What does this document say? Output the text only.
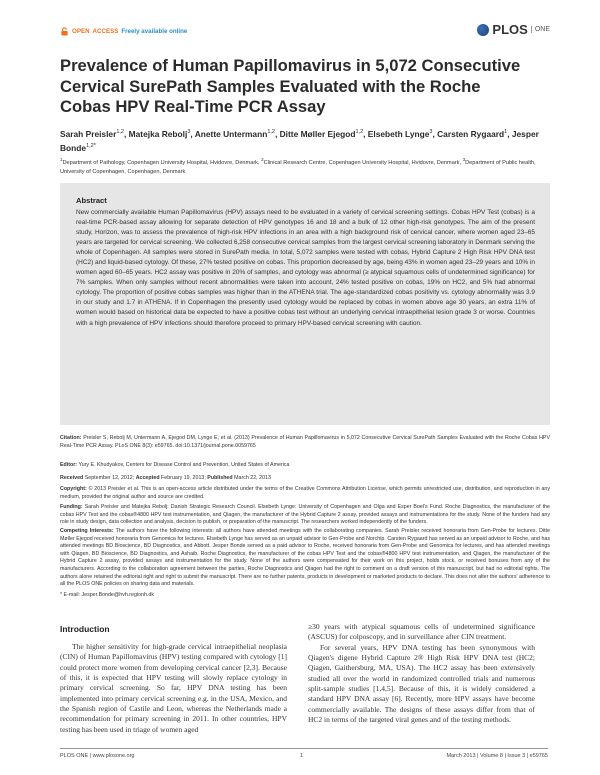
OPEN ACCESS Freely available online	PLOS	ONE
Prevalence of Human Papillomavirus in 5,072 Consecutive Cervical SurePath Samples Evaluated with the Roche Cobas HPV Real-Time PCR Assay
Sarah Preisler$^{1,2}$, Matejka Rebolj$^3$, Anette Untermann$^{1,2}$, Ditte Møller Ejegod$^{1,2}$, Elsebeth Lynge$^3$, Carsten Rygaard$^1$, Jesper Bonde$^{1,2*}$
$^1$Department of Pathology, Copenhagen University Hospital, Hvidovre, Denmark, $^2$Clinical Research Centre, Copenhagen University Hospital, Hvidovre, Denmark, $^3$Department of Public health, University of Copenhagen, Copenhagen, Denmark
Abstract

New commercially available Human Papillomavirus (HPV) assays need to be evaluated in a variety of cervical screening settings. Cobas HPV Test (cobas) is a real-time PCR-based assay allowing for separate detection of HPV genotypes 16 and 18 and a bulk of 12 other high-risk genotypes. The aim of the present study, Horizon, was to assess the prevalence of high-risk HPV infections in an area with a high background risk of cervical cancer, where women aged 23–65 years are targeted for cervical screening. We collected 6,258 consecutive cervical samples from the largest cervical screening laboratory in Denmark serving the whole of Copenhagen. All samples were stored in SurePath media. In total, 5,072 samples were tested with cobas, Hybrid Capture 2 High Risk HPV DNA test (HC2) and liquid-based cytology. Of these, 27% tested positive on cobas. This proportion decreased by age, being 43% in women aged 23–29 years and 10% in women aged 60–65 years. HC2 assay was positive in 20% of samples, and cytology was abnormal (≥ atypical squamous cells of undetermined significance) for 7% samples. When only samples without recent abnormalities were taken into account, 24% tested positive on cobas, 19% on HC2, and 5% had abnormal cytology. The proportion of positive cobas samples was higher than in the ATHENA trial. The age-standardized cobas positivity vs. cytology abnormality was 3.9 in our study and 1.7 in ATHENA. If in Copenhagen the presently used cytology would be replaced by cobas in women above age 30 years, an extra 11% of women would based on historical data be expected to have a positive cobas test without an underlying cervical intraepithelial lesion grade 3 or worse. Countries with a high prevalence of HPV infections should therefore proceed to primary HPV-based cervical screening with caution.

Citation: Preisler S, Rebolj M, Untermann A, Ejegod DM, Lynge E, et al. (2013) Prevalence of Human Papillomavirus in 5,072 Consecutive Cervical SurePath Samples Evaluated with the Roche Cobas HPV Real-Time PCR Assay. PLoS ONE 8(3): e59765. doi:10.1371/journal.pone.0059765
Editor: Yury E. Khudyakov, Centers for Disease Control and Prevention, United States of America
Received September 12, 2012; Accepted February 19, 2013; Published March 22, 2013
Copyright: © 2013 Preisler et al. This is an open-access article distributed under the terms of the Creative Commons Attribution License, which permits unrestricted use, distribution, and reproduction in any medium, provided the original author and source are credited.
Funding: Sarah Preisler and Matejka Rebolj: Danish Strategic Research Council. Elsebeth Lynge: University of Copenhagen and Olga and Esper Boel's Fund. Roche Diagnostics, the manufacturer of the cobas HPV Test and the cobas®4800 HPV test instrumentation, and Qiagen, the manufacturer of the Hybrid Capture 2 assay, provided assays and instrumentations for the study. None of the funders had any role in study design, data collection and analysis, decision to publish, or preparation of the manuscript. The researchers worked independently of the funders.
Competing Interests: The authors have the following interests: all authors have attended meetings with the collaborating companies. Sarah Preisler received honoraria from Gen-Probe for lectures. Ditte Møller Ejegod received honoraria from Genomica for lectures. Elsebeth Lynge has served as an unpaid advisor to Gen-Probe and Norchip. Carsten Rygaard has served as an unpaid advisor to Roche, and has attended meetings BD Bioscience, BD Diagnostics, and Abbott. Jesper Bonde served as a paid advisor to Roche, received honoraria from Gen-Probe and Genomica for lectures, and has attended meetings with Qiagen, BD Bioscience, BD Diagnostics, and Ashaib. Roche Diagnostics, the manufacturer of the cobas HPV Test and the cobas®4800 HPV test instrumentation, and Qiagen, the manufacturer of the Hybrid Capture 2 assay, provided assays and instrumentation for the study. None of the authors were compensated for their work on this project, holds stock, or received bonuses from any of the manufacturers. According to the collaboration agreement between the parties, Roche Diagnostics and Qiagen had the right to comment on a draft version of this manuscript, but had no editorial rights. The authors alone retained the editorial right and right to submit the manuscript. There are no further patents, products in development or marketed products to declare. This does not alter the authors' adherence to all the PLOS ONE policies on sharing data and materials.
* E-mail: Jesper.Bonde@hvh.regionh.dk
Introduction

The higher sensitivity for high-grade cervical intraepithelial neoplasia (CIN) of Human Papillomavirus (HPV) testing compared with cytology [1] could protect more women from developing cervical cancer [2,3]. Because of this, it is expected that HPV testing will slowly replace cytology in primary cervical screening. So far, HPV DNA testing has been implemented into primary cervical screening e.g. in the USA, Mexico, and the Spanish region of Castile and Leon, whereas the Netherlands made a recommendation for primary screening in 2011. In other countries, HPV testing has been used in triage of women aged

≥30 years with atypical squamous cells of undetermined significance (ASCUS) for colposcopy, and in surveillance after CIN treatment.

For several years, HPV DNA testing has been synonymous with Qiagen's digene Hybrid Capture 2® High Risk HPV DNA test (HC2; Qiagen, Gaithersburg, MA, USA). The HC2 assay has been extensively studied all over the world in randomized controlled trials and numerous split-sample studies [1,4,5]. Because of this, it is widely considered a standard HPV DNA assay [6]. Recently, more HPV assays have become commercially available. The designs of these assays differ from that of HC2 in terms of the targeted viral genes and of the testing methods.

PLOS ONE | www.plosone.org	1	March 2013 | Volume 8 | Issue 3 | e59765
